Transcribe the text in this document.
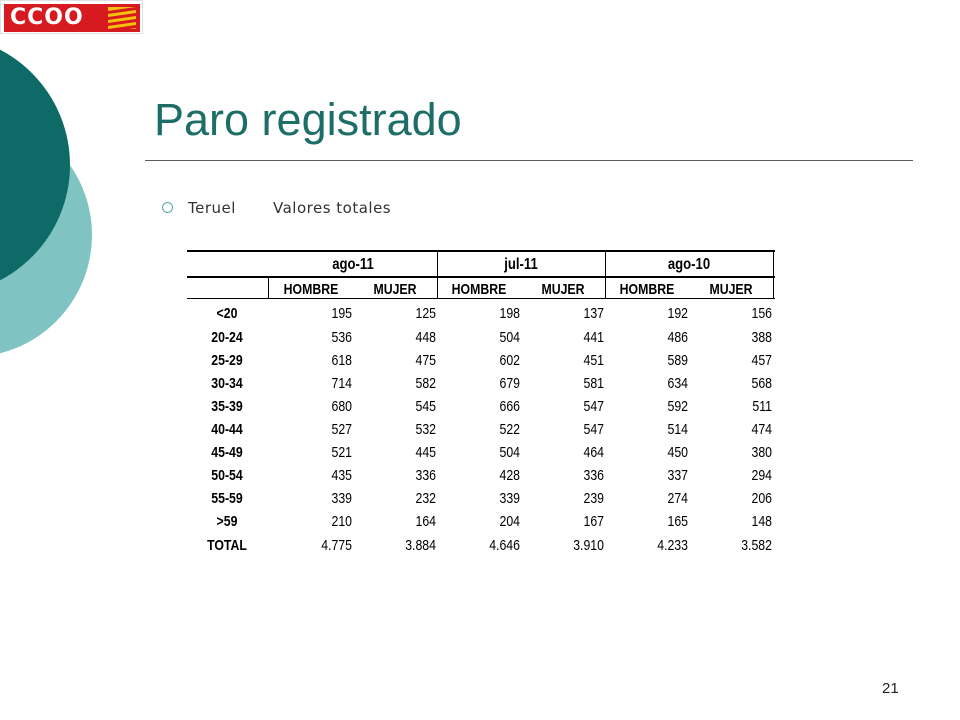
CCOO
Paro registrado
Teruel Valores totales
ago-11	jul-11	ago-10
HOMBRE	MUJER	HOMBRE	MUJER	HOMBRE	MUJER
<20	195	125	198	137	192	156
20-24	536	448	504	441	486	388
25-29	618	475	602	451	589	457
30-34	714	582	679	581	634	568
35-39	680	545	666	547	592	511
40-44	527	532	522	547	514	474
45-49	521	445	504	464	450	380
50-54	435	336	428	336	337	294
55-59	339	232	339	239	274	206
>59	210	164	204	167	165	148
TOTAL	4.775	3.884	4.646	3.910	4.233	3.582
21
